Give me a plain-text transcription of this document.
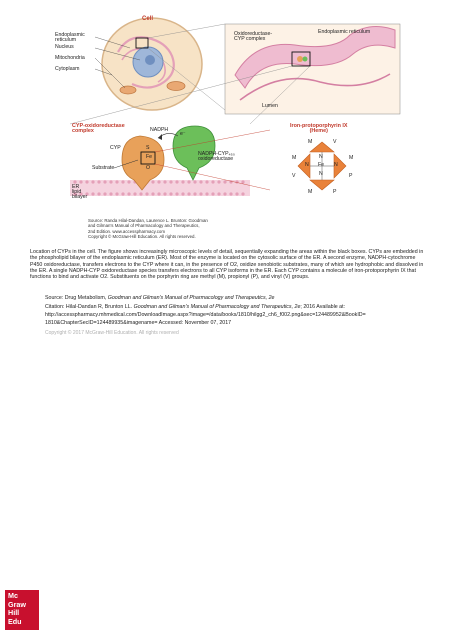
Cell
Endoplasmic
reticulum
Nucleus
Mitochondria
Cytoplasm
Oxidoreductase-
CYP complex
Endoplasmic reticulum
Lumen
CYP-oxidoreductase
complex	NADPH
e⁻
CYP	S
Fe
O
Substrate
NADPH-CYP₄₅₀
oxidoreductase
ER
lipid
bilayer
Iron-protoporphyrin IX
(Heme)
M	V
M	M
V	P
M	P
N
N
N	N
Fe
Source: Randa Hilal-Dandan, Laurence L. Brunton: Goodman
and Gilman's Manual of Pharmacology and Therapeutics,
2nd Edition. www.accesspharmacy.com
Copyright © McGraw-Hill Education. All rights reserved.
Location of CYPs in the cell. The figure shows increasingly microscopic levels of detail, sequentially expanding the areas within the black boxes. CYPs are embedded in the phospholipid bilayer of the endoplasmic reticulum (ER). Most of the enzyme is located on the cytosolic surface of the ER. A second enzyme, NADPH-cytochrome P450 oxidoreductase, transfers electrons to the CYP where it can, in the presence of O2, oxidize xenobiotic substrates, many of which are hydrophobic and dissolved in the ER. A single NADPH-CYP oxidoreductase species transfers electrons to all CYP isoforms in the ER. Each CYP contains a molecule of iron-protoporphyrin IX that functions to bind and activate O2. Substituents on the porphyrin ring are methyl (M), propionyl (P), and vinyl (V) groups.
Mc
Graw
Hill
Edu
Source: Drug Metabolism, Goodman and Gilman's Manual of Pharmacology and Therapeutics, 2e
Citation: Hilal-Dandan R, Brunton LL. Goodman and Gilman's Manual of Pharmacology and Therapeutics, 2e; 2016 Available at:
http://accesspharmacy.mhmedical.com/DownloadImage.aspx?image=/data/books/1810/hilgg2_ch6_f002.png&sec=124489952&BookID=
1810&ChapterSecID=124489935&imagename= Accessed: November 07, 2017
Copyright © 2017 McGraw-Hill Education. All rights reserved
